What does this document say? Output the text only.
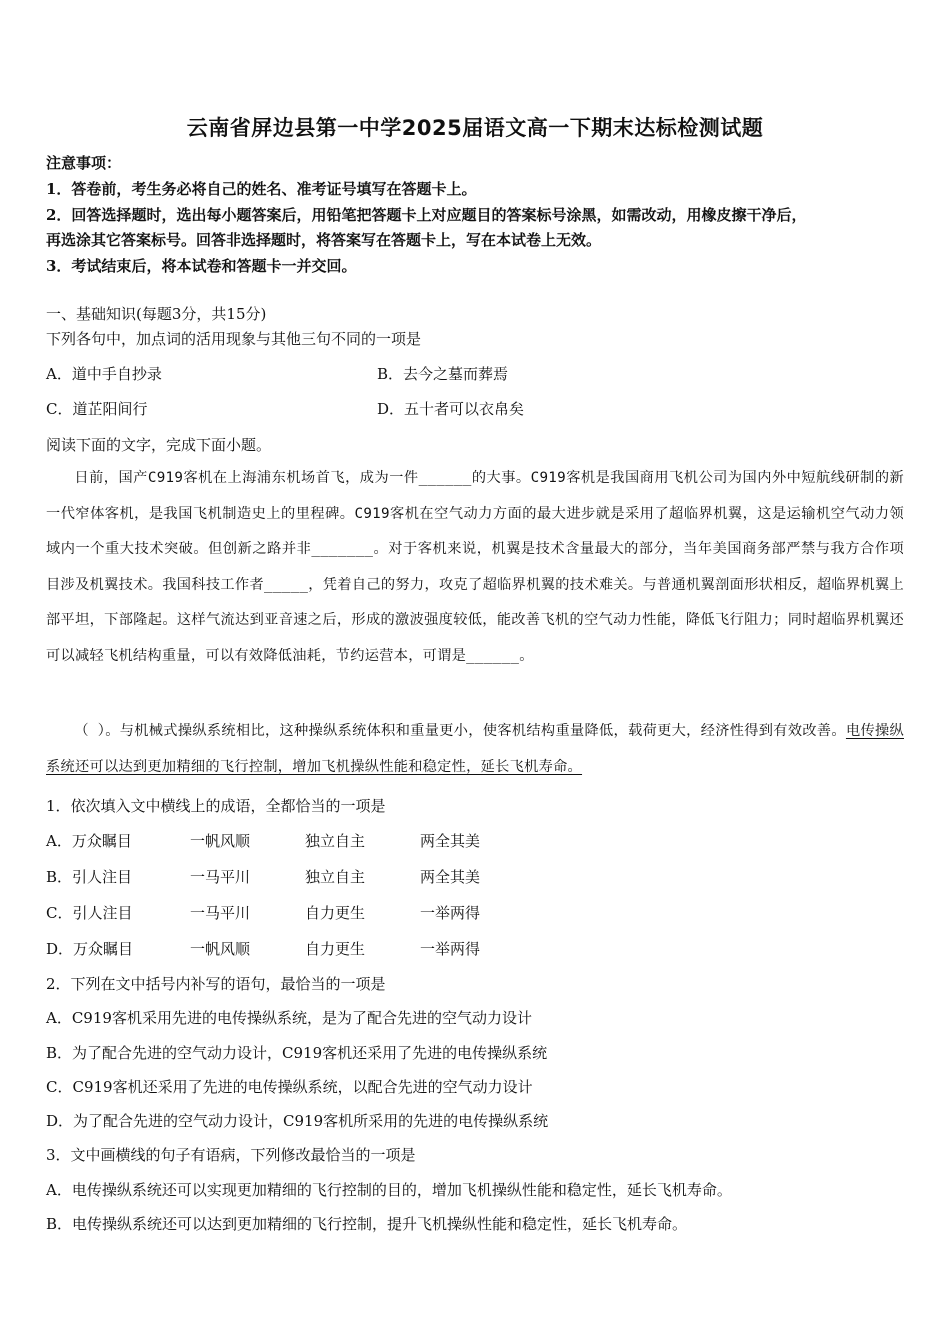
云南省屏边县第一中学2025届语文高一下期末达标检测试题
注意事项：
1．答卷前，考生务必将自己的姓名、准考证号填写在答题卡上。
2．回答选择题时，选出每小题答案后，用铅笔把答题卡上对应题目的答案标号涂黑，如需改动，用橡皮擦干净后，
再选涂其它答案标号。回答非选择题时，将答案写在答题卡上，写在本试卷上无效。
3．考试结束后，将本试卷和答题卡一并交回。
一、基础知识(每题3分，共15分)
下列各句中，加点词的活用现象与其他三句不同的一项是
A．道中手自抄录	B．去今之墓而葬焉
C．道芷阳间行	D．五十者可以衣帛矣
阅读下面的文字，完成下面小题。
日前，国产C919客机在上海浦东机场首飞，成为一件______的大事。C919客机是我国商用飞机公司为国内外中短航线研制的新一代窄体客机，是我国飞机制造史上的里程碑。C919客机在空气动力方面的最大进步就是采用了超临界机翼，这是运输机空气动力领域内一个重大技术突破。但创新之路并非_______。对于客机来说，机翼是技术含量最大的部分，当年美国商务部严禁与我方合作项目涉及机翼技术。我国科技工作者_____，凭着自己的努力，攻克了超临界机翼的技术难关。与普通机翼剖面形状相反，超临界机翼上部平坦，下部隆起。这样气流达到亚音速之后，形成的激波强度较低，能改善飞机的空气动力性能，降低飞行阻力；同时超临界机翼还可以减轻飞机结构重量，可以有效降低油耗，节约运营本，可谓是______。
（ ）。与机械式操纵系统相比，这种操纵系统体积和重量更小，使客机结构重量降低，载荷更大，经济性得到有效改善。电传操纵系统还可以达到更加精细的飞行控制，增加飞机操纵性能和稳定性，延长飞机寿命。
1．依次填入文中横线上的成语，全都恰当的一项是
A．万众瞩目	一帆风顺	独立自主	两全其美
B．引人注目	一马平川	独立自主	两全其美
C．引人注目	一马平川	自力更生	一举两得
D．万众瞩目	一帆风顺	自力更生	一举两得
2．下列在文中括号内补写的语句，最恰当的一项是
A．C919客机采用先进的电传操纵系统，是为了配合先进的空气动力设计
B．为了配合先进的空气动力设计，C919客机还采用了先进的电传操纵系统
C．C919客机还采用了先进的电传操纵系统，以配合先进的空气动力设计
D．为了配合先进的空气动力设计，C919客机所采用的先进的电传操纵系统
3．文中画横线的句子有语病，下列修改最恰当的一项是
A．电传操纵系统还可以实现更加精细的飞行控制的目的，增加飞机操纵性能和稳定性，延长飞机寿命。
B．电传操纵系统还可以达到更加精细的飞行控制，提升飞机操纵性能和稳定性，延长飞机寿命。
